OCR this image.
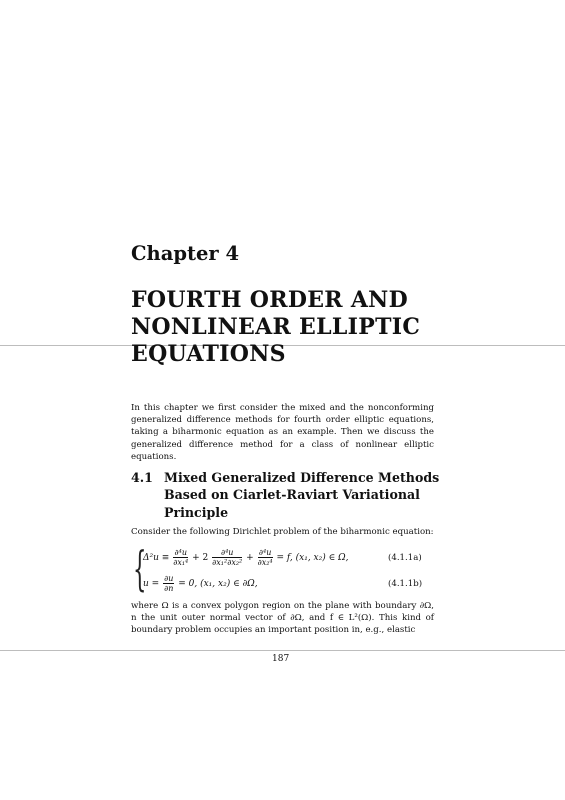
Chapter 4
FOURTH ORDER AND
NONLINEAR ELLIPTIC
EQUATIONS
In this chapter we first consider the mixed and the nonconforming generalized difference methods for fourth order elliptic equations, taking a biharmonic equation as an example. Then we discuss the generalized difference method for a class of nonlinear elliptic equations.
4.1 Mixed Generalized Difference Methods Based on Ciarlet-Raviart Variational Principle
Consider the following Dirichlet problem of the biharmonic equation:
{
$\Delta^2u \equiv \frac{\text{∂⁴u}}{\text{∂x₁⁴}} + 2 \frac{\text{∂⁴u}}{\text{∂x₁²∂x₂²}} + \frac{\text{∂⁴u}}{\text{∂x₂⁴}} = f$, (x₁, x₂) ∈ Ω,	(4.1.1a)
$u = \frac{\partial u}{\partial n} = 0$, (x₁, x₂) ∈ ∂Ω,	(4.1.1b)
where Ω is a convex polygon region on the plane with boundary ∂Ω, n the unit outer normal vector of ∂Ω, and f ∈ L²(Ω). This kind of boundary problem occupies an important position in, e.g., elastic
187
